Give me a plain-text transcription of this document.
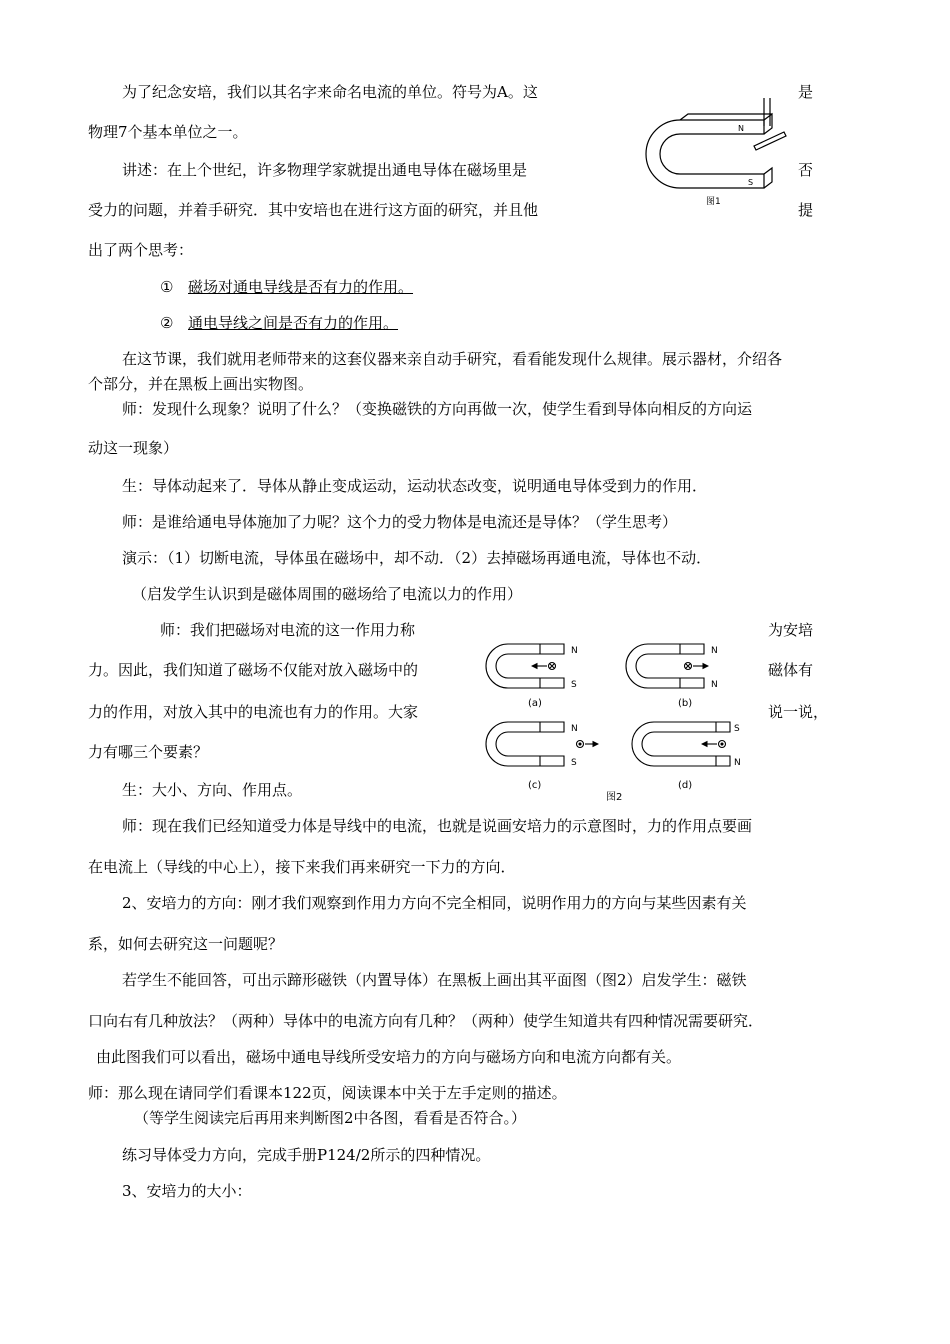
为了纪念安培，我们以其名字来命名电流的单位。符号为A。这	是
物理7个基本单位之一。
讲述：在上个世纪，许多物理学家就提出通电导体在磁场里是	否
受力的问题，并着手研究．其中安培也在进行这方面的研究，并且他	提
出了两个思考：
① 磁场对通电导线是否有力的作用。
② 通电导线之间是否有力的作用。
在这节课，我们就用老师带来的这套仪器来亲自动手研究，看看能发现什么规律。展示器材，介绍各
个部分，并在黑板上画出实物图。
师：发现什么现象？说明了什么？（变换磁铁的方向再做一次，使学生看到导体向相反的方向运
动这一现象）
生：导体动起来了．导体从静止变成运动，运动状态改变，说明通电导体受到力的作用．
师：是谁给通电导体施加了力呢？这个力的受力物体是电流还是导体？（学生思考）
演示：（1）切断电流，导体虽在磁场中，却不动．（2）去掉磁场再通电流，导体也不动．
（启发学生认识到是磁体周围的磁场给了电流以力的作用）
师：我们把磁场对电流的这一作用力称	为安培
力。因此，我们知道了磁场不仅能对放入磁场中的	磁体有
力的作用，对放入其中的电流也有力的作用。大家	说一说，
力有哪三个要素？
生：大小、方向、作用点。
师：现在我们已经知道受力体是导线中的电流，也就是说画安培力的示意图时，力的作用点要画
在电流上（导线的中心上），接下来我们再来研究一下力的方向．
2、安培力的方向：刚才我们观察到作用力方向不完全相同，说明作用力的方向与某些因素有关
系，如何去研究这一问题呢？
若学生不能回答，可出示蹄形磁铁（内置导体）在黑板上画出其平面图（图2）启发学生：磁铁
口向右有几种放法？（两种）导体中的电流方向有几种？（两种）使学生知道共有四种情况需要研究．
由此图我们可以看出，磁场中通电导线所受安培力的方向与磁场方向和电流方向都有关。
师：那么现在请同学们看课本122页，阅读课本中关于左手定则的描述。
（等学生阅读完后再用来判断图2中各图，看看是否符合。）
练习导体受力方向，完成手册P124/2所示的四种情况。
3、安培力的大小：
N
S
图1
N
S
(a)
N
N
(b)
N
S
(c)
S
N
(d)
图2
